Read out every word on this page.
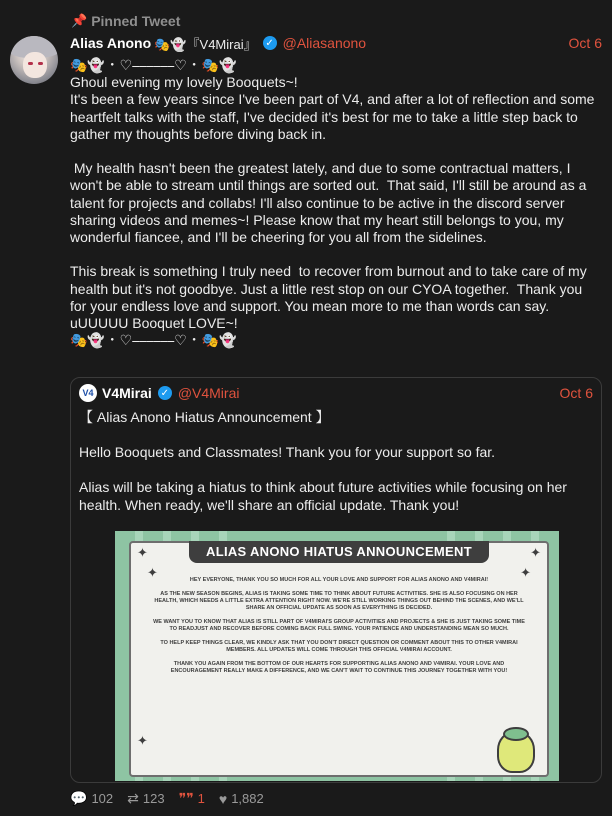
📌 Pinned Tweet
Alias Anono 🎭👻『V4Mirai』 ✓ @Aliasanono	Oct 6
🎭👻 ･ ♡⎯⎯⎯⎯⎯⎯♡ ･ 🎭👻
Ghoul evening my lovely Booquets~!
It's been a few years since I've been part of V4, and after a lot of reflection and some heartfelt talks with the staff, I've decided it's best for me to take a little step back to gather my thoughts before diving back in.

My health hasn't been the greatest lately, and due to some contractual matters, I won't be able to stream until things are sorted out.  That said, I'll still be around as a talent for projects and collabs! I'll also continue to be active in the discord server sharing videos and memes~! Please know that my heart still belongs to you, my wonderful fiancee, and I'll be cheering for you all from the sidelines.

This break is something I truly need  to recover from burnout and to take care of my health but it's not goodbye. Just a little rest stop on our CYOA together.  Thank you for your endless love and support. You mean more to me than words can say. uUUUUU Booquet LOVE~!
🎭👻 ･ ♡⎯⎯⎯⎯⎯⎯♡ ･ 🎭👻
V4 V4Mirai ✓ @V4Mirai	Oct 6
【 Alias Anono Hiatus Announcement 】

Hello Booquets and Classmates! Thank you for your support so far.

Alias will be taking a hiatus to think about future activities while focusing on her health. When ready, we'll share an official update. Thank you!
ALIAS ANONO HIATUS ANNOUNCEMENT
✦	✦
✦	✦
✦

HEY EVERYONE, THANK YOU SO MUCH FOR ALL YOUR LOVE AND SUPPORT FOR ALIAS ANONO AND V4MIRAI!

AS THE NEW SEASON BEGINS, ALIAS IS TAKING SOME TIME TO THINK ABOUT FUTURE ACTIVITIES. SHE IS ALSO FOCUSING ON HER HEALTH, WHICH NEEDS A LITTLE EXTRA ATTENTION RIGHT NOW. WE'RE STILL WORKING THINGS OUT BEHIND THE SCENES, AND WE'LL SHARE AN OFFICIAL UPDATE AS SOON AS EVERYTHING IS DECIDED.

WE WANT YOU TO KNOW THAT ALIAS IS STILL PART OF V4MIRAI'S GROUP ACTIVITIES AND PROJECTS & SHE IS JUST TAKING SOME TIME TO READJUST AND RECOVER BEFORE COMING BACK FULL SWING. YOUR PATIENCE AND UNDERSTANDING MEAN SO MUCH.

TO HELP KEEP THINGS CLEAR, WE KINDLY ASK THAT YOU DON'T DIRECT QUESTION OR COMMENT ABOUT THIS TO OTHER V4MIRAI MEMBERS. ALL UPDATES WILL COME THROUGH THIS OFFICIAL V4MIRAI ACCOUNT.

THANK YOU AGAIN FROM THE BOTTOM OF OUR HEARTS FOR SUPPORTING ALIAS ANONO AND V4MIRAI. YOUR LOVE AND ENCOURAGEMENT REALLY MAKE A DIFFERENCE, AND WE CAN'T WAIT TO CONTINUE THIS JOURNEY TOGETHER WITH YOU!

💬 102 ⇄ 123 ❞❞ 1 ♥ 1,882
